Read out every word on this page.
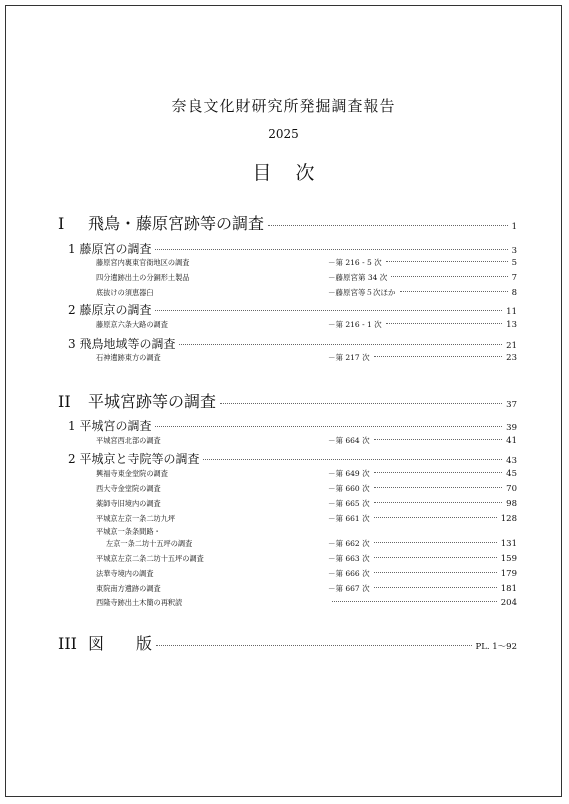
奈良文化財研究所発掘調査報告
2025
目 次
I	飛鳥・藤原宮跡等の調査	1
1 藤原宮の調査	3
藤原宮内裏東官衙地区の調査	－第 216 - 5 次	5
四分遺跡出土の分銅形土製品	－藤原宮第 34 次	7
底抜けの須恵器臼	－藤原宮等５次ほか	8
2 藤原京の調査	11
藤原京六条大路の調査	－第 216 - 1 次	13
3 飛鳥地域等の調査	21
石神遺跡東方の調査	－第 217 次	23
II	平城宮跡等の調査	37
1 平城宮の調査	39
平城宮西北部の調査	－第 664 次	41
2 平城京と寺院等の調査	43
興福寺東金堂院の調査	－第 649 次	45
西大寺金堂院の調査	－第 660 次	70
薬師寺旧境内の調査	－第 665 次	98
平城京左京一条二坊九坪	－第 661 次	128
平城京一条条間路・
左京一条二坊十五坪の調査	－第 662 次	131
平城京左京二条二坊十五坪の調査	－第 663 次	159
法華寺境内の調査	－第 666 次	179
東院南方遺跡の調査	－第 667 次	181
西隆寺跡出土木簡の再釈読	204
III 図　　版	PL. 1～92
